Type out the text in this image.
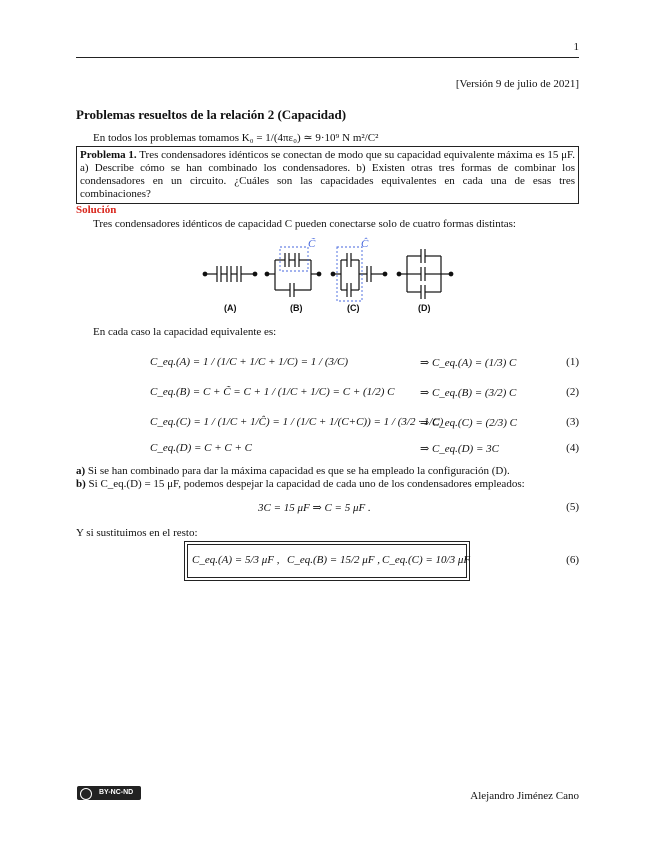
1
[Versión 9 de julio de 2021]
Problemas resueltos de la relación 2 (Capacidad)
En todos los problemas tomamos K₀ = 1/(4πε₀) ≃ 9·10⁹ N m²/C²
Problema 1. Tres condensadores idénticos se conectan de modo que su capacidad equivalente máxima es 15 μF. a) Describe cómo se han combinado los condensadores. b) Existen otras tres formas de combinar los condensadores en un circuito. ¿Cuáles son las capacidades equivalentes en cada una de esas tres combinaciones?
Solución
Tres condensadores idénticos de capacidad C pueden conectarse solo de cuatro formas distintas:
C̃	Ĉ
(A)	(B)	(C)	(D)
En cada caso la capacidad equivalente es:
C_eq.(A) = 1 / (1/C + 1/C + 1/C) = 1 / (3/C)	⇒ C_eq.(A) = (1/3) C	(1)
C_eq.(B) = C + C̃ = C + 1 / (1/C + 1/C) = C + (1/2) C ⇒ C_eq.(B) = (3/2) C	(2)
C_eq.(C) = 1 / (1/C + 1/Ĉ) = 1 / (1/C + 1/(C+C)) = 1 / (3/2 · 1/C)
⇒ C_eq.(C) = (2/3) C	(3)
C_eq.(D) = C + C + C	⇒ C_eq.(D) = 3C	(4)
a) Si se han combinado para dar la máxima capacidad es que se ha empleado la configuración (D).
b) Si C_eq.(D) = 15 μF, podemos despejar la capacidad de cada uno de los condensadores empleados:
3C = 15 μF ⇒ C = 5 μF .	(5)
Y si sustituimos en el resto:
C_eq.(A) = 5/3 μF , C_eq.(B) = 15/2 μF , C_eq.(C) = 10/3 μF	(6)
BY-NC-ND	Alejandro Jiménez Cano
